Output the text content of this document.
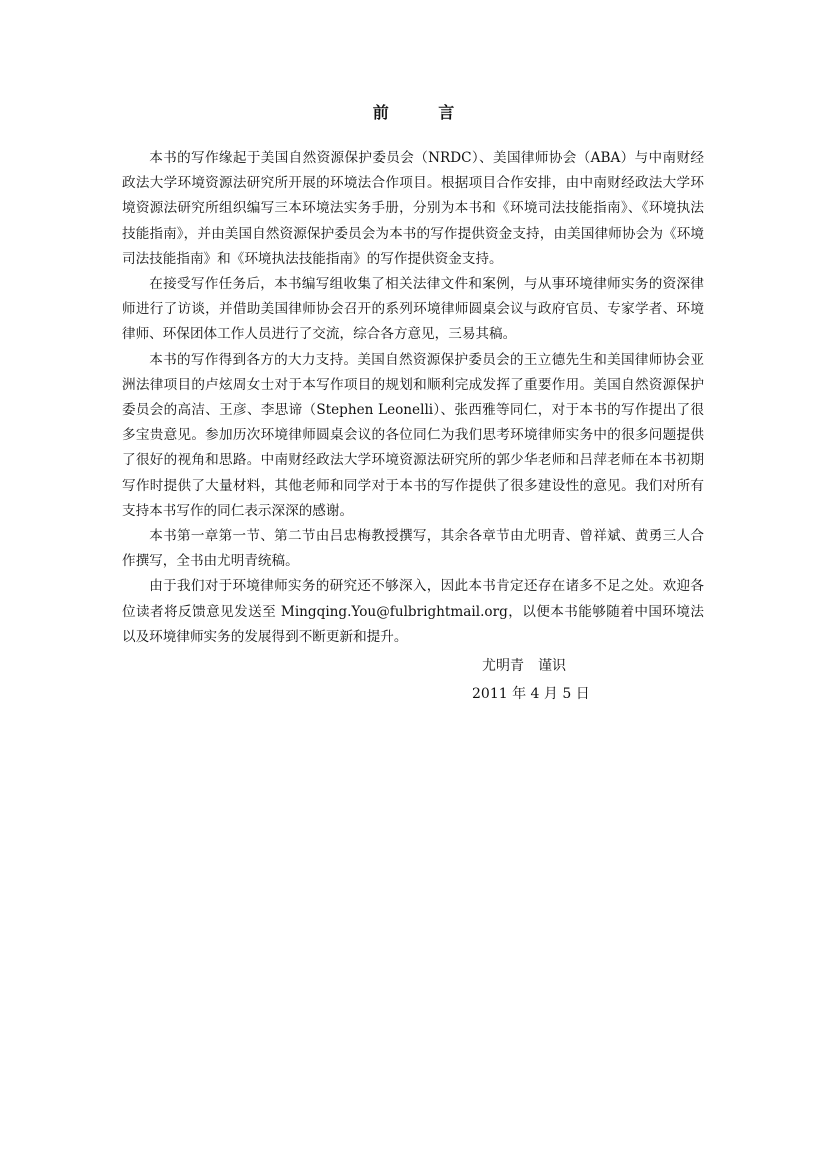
前 言

本书的写作缘起于美国自然资源保护委员会（NRDC）、美国律师协会（ABA）与中南财经政法大学环境资源法研究所开展的环境法合作项目。根据项目合作安排，由中南财经政法大学环境资源法研究所组织编写三本环境法实务手册，分别为本书和《环境司法技能指南》、《环境执法技能指南》，并由美国自然资源保护委员会为本书的写作提供资金支持，由美国律师协会为《环境司法技能指南》和《环境执法技能指南》的写作提供资金支持。

在接受写作任务后，本书编写组收集了相关法律文件和案例，与从事环境律师实务的资深律师进行了访谈，并借助美国律师协会召开的系列环境律师圆桌会议与政府官员、专家学者、环境律师、环保团体工作人员进行了交流，综合各方意见，三易其稿。

本书的写作得到各方的大力支持。美国自然资源保护委员会的王立德先生和美国律师协会亚洲法律项目的卢炫周女士对于本写作项目的规划和顺利完成发挥了重要作用。美国自然资源保护委员会的高洁、王彦、李思谛（Stephen Leonelli）、张西雅等同仁，对于本书的写作提出了很多宝贵意见。参加历次环境律师圆桌会议的各位同仁为我们思考环境律师实务中的很多问题提供了很好的视角和思路。中南财经政法大学环境资源法研究所的郭少华老师和吕萍老师在本书初期写作时提供了大量材料，其他老师和同学对于本书的写作提供了很多建设性的意见。我们对所有支持本书写作的同仁表示深深的感谢。

本书第一章第一节、第二节由吕忠梅教授撰写，其余各章节由尤明青、曾祥斌、黄勇三人合作撰写，全书由尤明青统稿。

由于我们对于环境律师实务的研究还不够深入，因此本书肯定还存在诸多不足之处。欢迎各位读者将反馈意见发送至 Mingqing.You@fulbrightmail.org，以便本书能够随着中国环境法以及环境律师实务的发展得到不断更新和提升。

尤明青 谨识
2011 年 4 月 5 日
